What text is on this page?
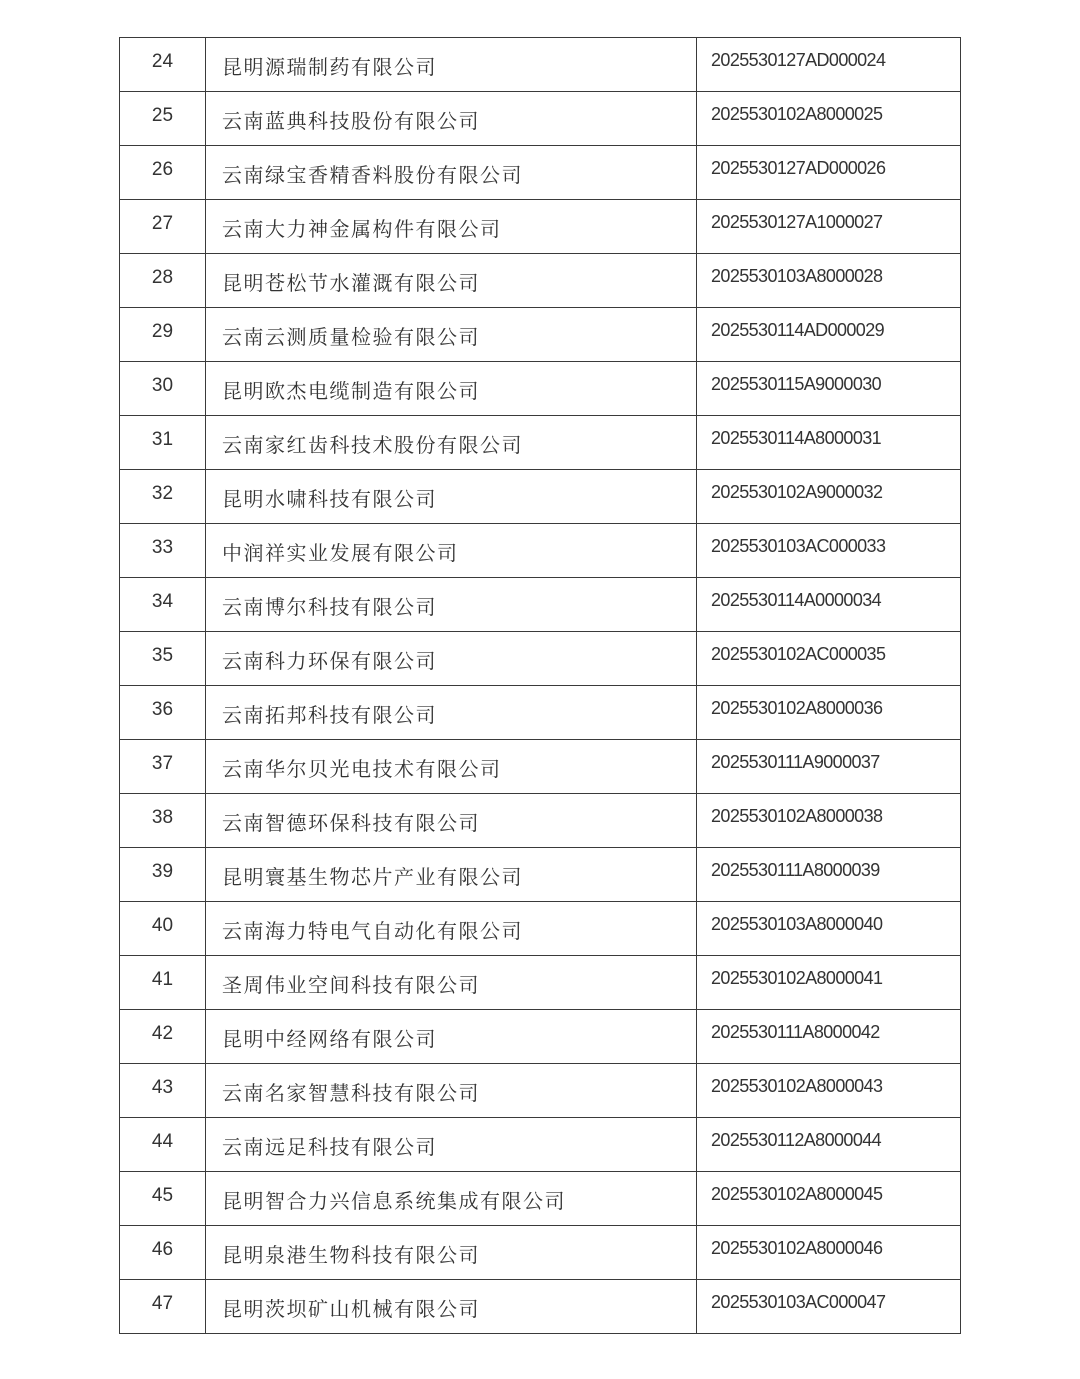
24	昆明源瑞制药有限公司	2025530127AD000024
25	云南蓝典科技股份有限公司	2025530102A8000025
26	云南绿宝香精香料股份有限公司	2025530127AD000026
27	云南大力神金属构件有限公司	2025530127A1000027
28	昆明苍松节水灌溉有限公司	2025530103A8000028
29	云南云测质量检验有限公司	2025530114AD000029
30	昆明欧杰电缆制造有限公司	2025530115A9000030
31	云南家红齿科技术股份有限公司	2025530114A8000031
32	昆明水啸科技有限公司	2025530102A9000032
33	中润祥实业发展有限公司	2025530103AC000033
34	云南博尔科技有限公司	2025530114A0000034
35	云南科力环保有限公司	2025530102AC000035
36	云南拓邦科技有限公司	2025530102A8000036
37	云南华尔贝光电技术有限公司	2025530111A9000037
38	云南智德环保科技有限公司	2025530102A8000038
39	昆明寰基生物芯片产业有限公司	2025530111A8000039
40	云南海力特电气自动化有限公司	2025530103A8000040
41	圣周伟业空间科技有限公司	2025530102A8000041
42	昆明中经网络有限公司	2025530111A8000042
43	云南名家智慧科技有限公司	2025530102A8000043
44	云南远足科技有限公司	2025530112A8000044
45	昆明智合力兴信息系统集成有限公司	2025530102A8000045
46	昆明泉港生物科技有限公司	2025530102A8000046
47	昆明茨坝矿山机械有限公司	2025530103AC000047
